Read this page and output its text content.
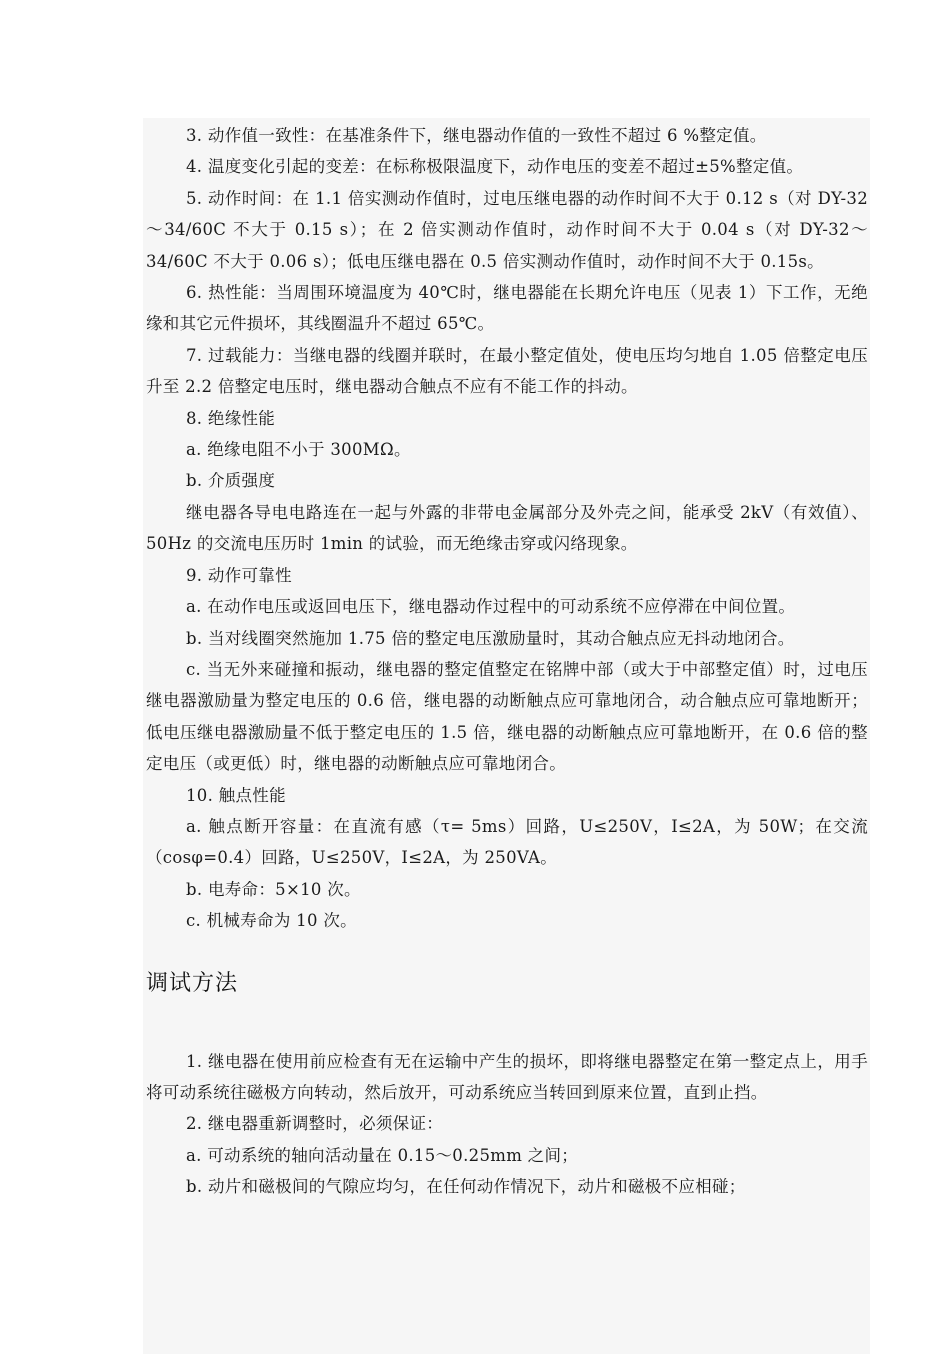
3. 动作值一致性：在基准条件下，继电器动作值的一致性不超过 6 %整定值。

4. 温度变化引起的变差：在标称极限温度下，动作电压的变差不超过±5%整定值。

5. 动作时间：在 1.1 倍实测动作值时，过电压继电器的动作时间不大于 0.12 s（对 DY-32～34/60C 不大于 0.15 s）；在 2 倍实测动作值时，动作时间不大于 0.04 s（对 DY-32～34/60C 不大于 0.06 s）；低电压继电器在 0.5 倍实测动作值时，动作时间不大于 0.15s。

6. 热性能：当周围环境温度为 40℃时，继电器能在长期允许电压（见表 1）下工作，无绝缘和其它元件损坏，其线圈温升不超过 65℃。

7. 过载能力：当继电器的线圈并联时，在最小整定值处，使电压均匀地自 1.05 倍整定电压升至 2.2 倍整定电压时，继电器动合触点不应有不能工作的抖动。

8. 绝缘性能

a. 绝缘电阻不小于 300MΩ。

b. 介质强度

继电器各导电电路连在一起与外露的非带电金属部分及外壳之间，能承受 2kV（有效值）、50Hz 的交流电压历时 1min 的试验，而无绝缘击穿或闪络现象。

9. 动作可靠性

a. 在动作电压或返回电压下，继电器动作过程中的可动系统不应停滞在中间位置。

b. 当对线圈突然施加 1.75 倍的整定电压激励量时，其动合触点应无抖动地闭合。

c. 当无外来碰撞和振动，继电器的整定值整定在铭牌中部（或大于中部整定值）时，过电压继电器激励量为整定电压的 0.6 倍，继电器的动断触点应可靠地闭合，动合触点应可靠地断开；低电压继电器激励量不低于整定电压的 1.5 倍，继电器的动断触点应可靠地断开，在 0.6 倍的整定电压（或更低）时，继电器的动断触点应可靠地闭合。

10. 触点性能

a. 触点断开容量：在直流有感（τ= 5ms）回路，U≤250V，I≤2A，为 50W；在交流（cosφ=0.4）回路，U≤250V，I≤2A，为 250VA。

b. 电寿命：5×10 次。

c. 机械寿命为 10 次。

调试方法

1. 继电器在使用前应检查有无在运输中产生的损坏，即将继电器整定在第一整定点上，用手将可动系统往磁极方向转动，然后放开，可动系统应当转回到原来位置，直到止挡。

2. 继电器重新调整时，必须保证：

a. 可动系统的轴向活动量在 0.15～0.25mm 之间；

b. 动片和磁极间的气隙应均匀，在任何动作情况下，动片和磁极不应相碰；
